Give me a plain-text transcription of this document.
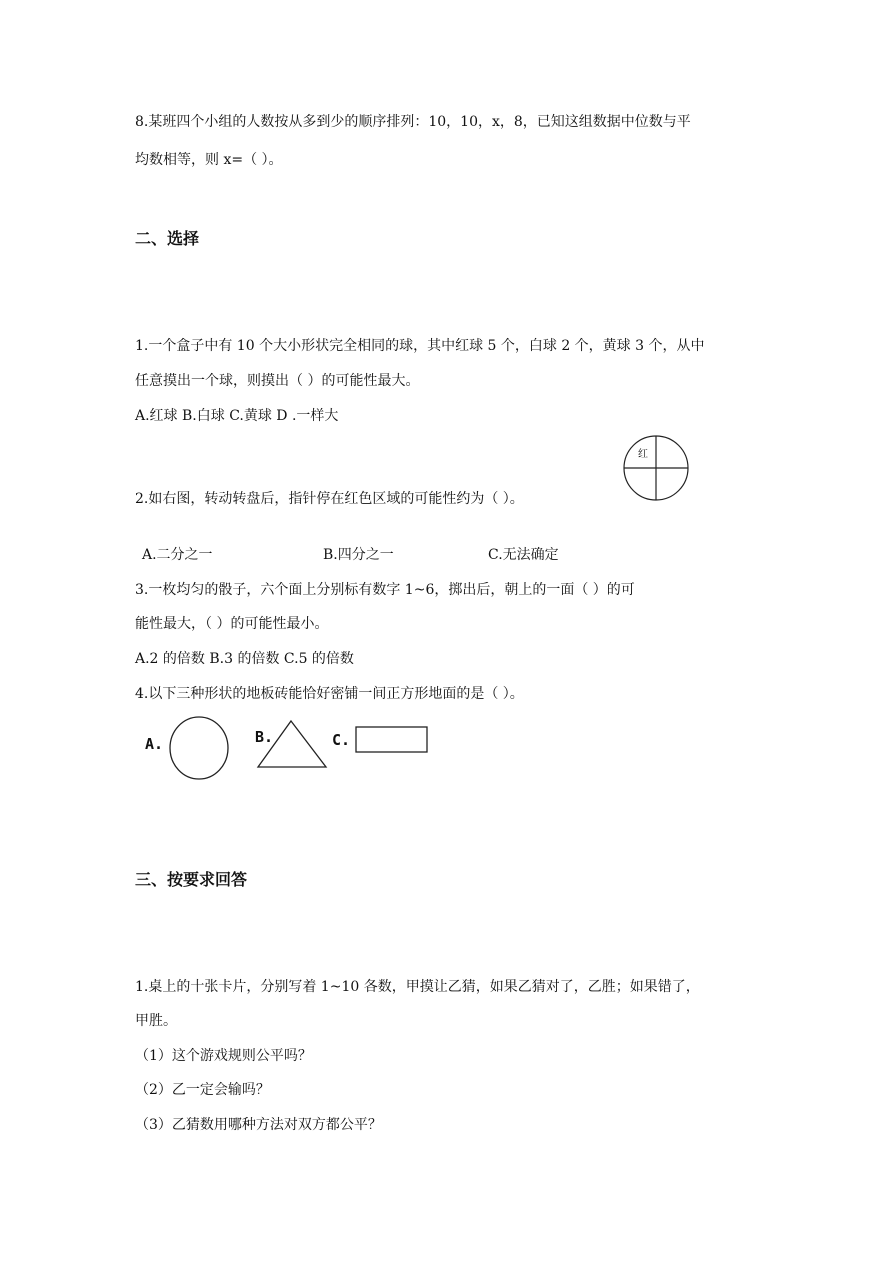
8.某班四个小组的人数按从多到少的顺序排列：10，10，x，8，已知这组数据中位数与平
均数相等，则 x=（ ）。
二、选择
1.一个盒子中有 10 个大小形状完全相同的球，其中红球 5 个，白球 2 个，黄球 3 个，从中
任意摸出一个球，则摸出（ ）的可能性最大。
A.红球 B.白球 C.黄球 D .一样大
红
2.如右图，转动转盘后，指针停在红色区域的可能性约为（ ）。
A.二分之一	B.四分之一	C.无法确定
3.一枚均匀的骰子，六个面上分别标有数字 1~6，掷出后，朝上的一面（ ）的可
能性最大，（ ）的可能性最小。
A.2 的倍数 B.3 的倍数 C.5 的倍数
4.以下三种形状的地板砖能恰好密铺一间正方形地面的是（ ）。
A.	B.	C.
三、按要求回答
1.桌上的十张卡片，分别写着 1~10 各数，甲摸让乙猜，如果乙猜对了，乙胜；如果错了，
甲胜。
（1）这个游戏规则公平吗？
（2）乙一定会输吗？
（3）乙猜数用哪种方法对双方都公平？
